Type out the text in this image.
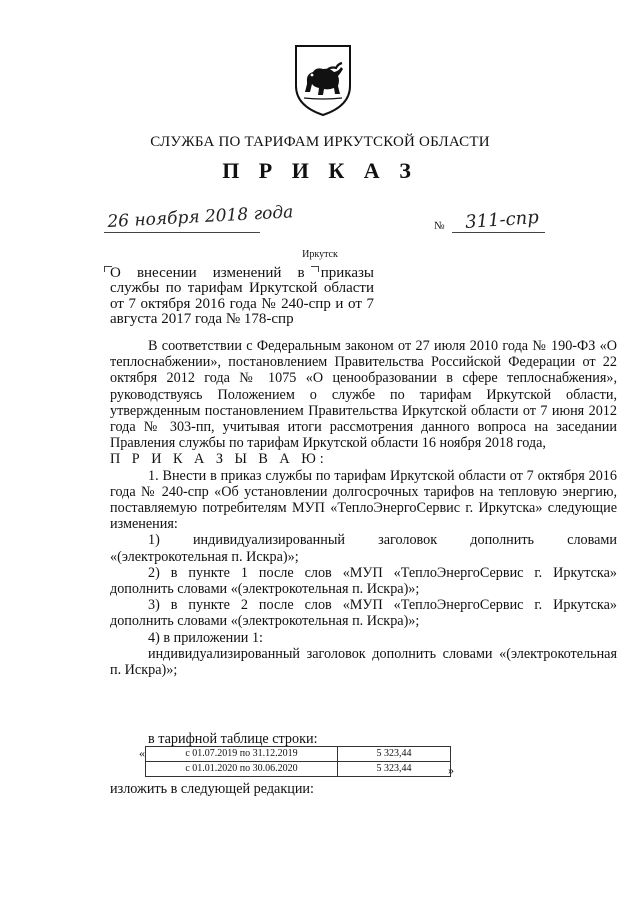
СЛУЖБА ПО ТАРИФАМ ИРКУТСКОЙ ОБЛАСТИ
П Р И К А З
26 ноября 2018 года	№ 311-спр
Иркутск
О внесении изменений в приказы службы по тарифам Иркутской области от 7 октября 2016 года № 240-спр и от 7 августа 2017 года № 178-спр

В соответствии с Федеральным законом от 27 июля 2010 года № 190-ФЗ «О теплоснабжении», постановлением Правительства Российской Федерации от 22 октября 2012 года № 1075 «О ценообразовании в сфере теплоснабжения», руководствуясь Положением о службе по тарифам Иркутской области, утвержденным постановлением Правительства Иркутской области от 7 июня 2012 года № 303-пп, учитывая итоги рассмотрения данного вопроса на заседании Правления службы по тарифам Иркутской области 16 ноября 2018 года,

П Р И К А З Ы В А Ю:

1. Внести в приказ службы по тарифам Иркутской области от 7 октября 2016 года № 240-спр «Об установлении долгосрочных тарифов на тепловую энергию, поставляемую потребителям МУП «ТеплоЭнергоСервис г. Иркутска» следующие изменения:

1) индивидуализированный заголовок дополнить словами «(электрокотельная п. Искра)»;

2) в пункте 1 после слов «МУП «ТеплоЭнергоСервис г. Иркутска» дополнить словами «(электрокотельная п. Искра)»;

3) в пункте 2 после слов «МУП «ТеплоЭнергоСервис г. Иркутска» дополнить словами «(электрокотельная п. Искра)»;

4) в приложении 1:

индивидуализированный заголовок дополнить словами «(электрокотельная п. Искра)»;

в тарифной таблице строки:
«	с 01.07.2019 по 31.12.2019	5 323,44
с 01.01.2020 по 30.06.2020	5 323,44	»
изложить в следующей редакции:
